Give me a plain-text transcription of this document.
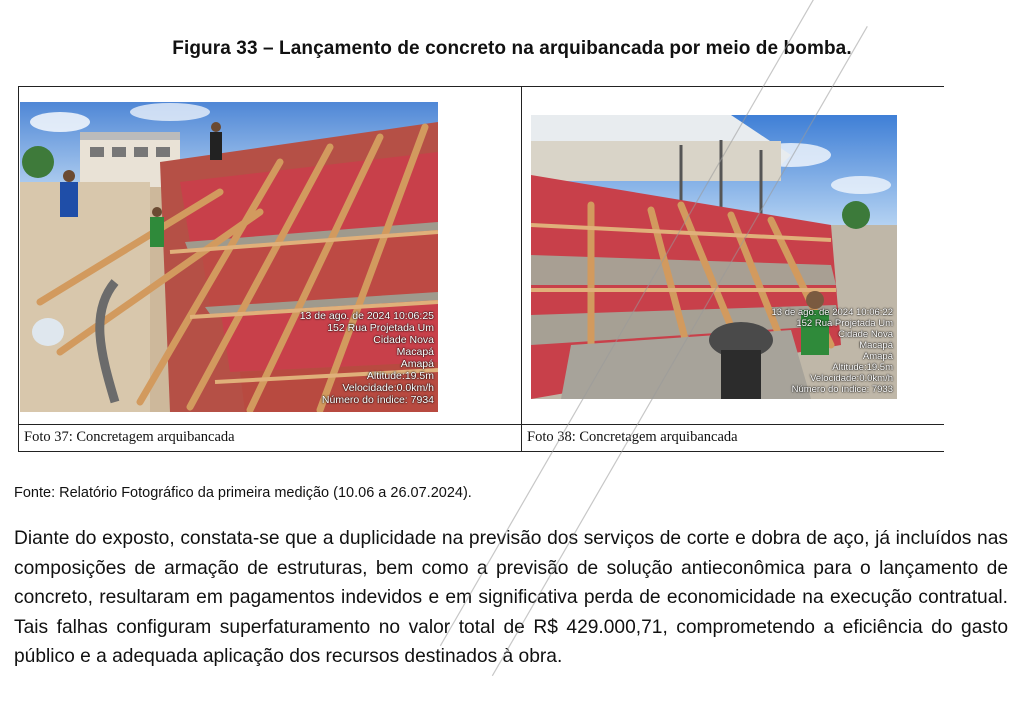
Figura 33 – Lançamento de concreto na arquibancada por meio de bomba.
13 de ago. de 2024 10:06:25
152 Rua Projetada Um
Cidade Nova
Macapá
Amapá
Altitude:19.5m
Velocidade:0.0km/h
Número do índice: 7934
13 de ago. de 2024 10:06:22
152 Rua Projetada Um
Cidade Nova
Macapá
Amapá
Altitude:19.5m
Velocidade:0.0km/h
Número do índice: 7933
Foto 37: Concretagem arquibancada	Foto 38: Concretagem arquibancada
Fonte: Relatório Fotográfico da primeira medição (10.06 a 26.07.2024).
Diante do exposto, constata-se que a duplicidade na previsão dos serviços de corte e dobra de aço, já incluídos nas composições de armação de estruturas, bem como a previsão de solução antieconômica para o lançamento de concreto, resultaram em pagamentos indevidos e em significativa perda de economicidade na execução contratual. Tais falhas configuram superfaturamento no valor total de R$ 429.000,71, comprometendo a eficiência do gasto público e a adequada aplicação dos recursos destinados à obra.
